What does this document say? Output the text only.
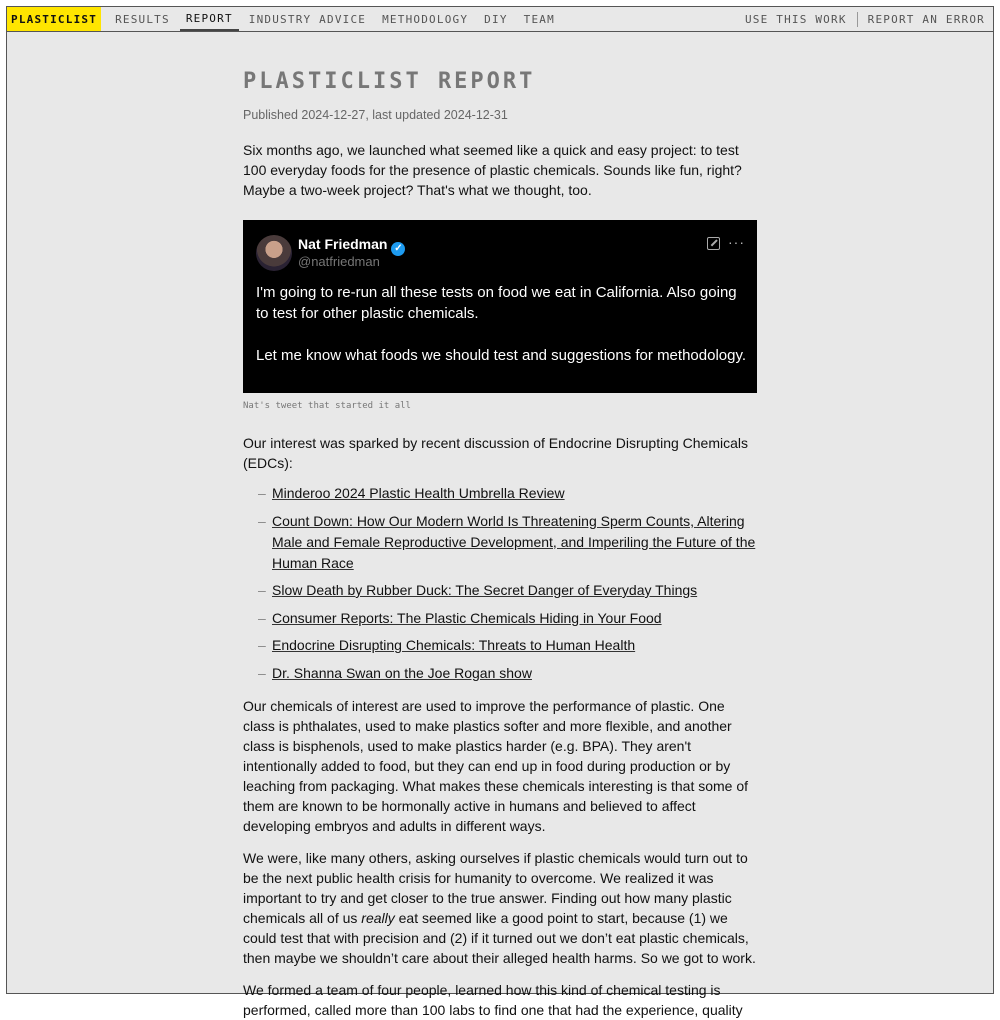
PLASTICLIST	RESULTS	REPORT	INDUSTRY ADVICE	METHODOLOGY	DIY	TEAM	USE THIS WORK	REPORT AN ERROR
PLASTICLIST REPORT
Published 2024-12-27, last updated 2024-12-31

Six months ago, we launched what seemed like a quick and easy project: to test 100 everyday foods for the presence of plastic chemicals. Sounds like fun, right? Maybe a two-week project? That's what we thought, too.

Nat Friedman ✓
@natfriedman
···
I'm going to re-run all these tests on food we eat in California. Also going to test for other plastic chemicals.
Let me know what foods we should test and suggestions for methodology.
Nat's tweet that started it all

Our interest was sparked by recent discussion of Endocrine Disrupting Chemicals (EDCs):

– Minderoo 2024 Plastic Health Umbrella Review
– Count Down: How Our Modern World Is Threatening Sperm Counts, Altering Male and Female Reproductive Development, and Imperiling the Future of the Human Race
– Slow Death by Rubber Duck: The Secret Danger of Everyday Things
– Consumer Reports: The Plastic Chemicals Hiding in Your Food
– Endocrine Disrupting Chemicals: Threats to Human Health
– Dr. Shanna Swan on the Joe Rogan show

Our chemicals of interest are used to improve the performance of plastic. One class is phthalates, used to make plastics softer and more flexible, and another class is bisphenols, used to make plastics harder (e.g. BPA). They aren't intentionally added to food, but they can end up in food during production or by leaching from packaging. What makes these chemicals interesting is that some of them are known to be hormonally active in humans and believed to affect developing embryos and adults in different ways.

We were, like many others, asking ourselves if plastic chemicals would turn out to be the next public health crisis for humanity to overcome. We realized it was important to try and get closer to the true answer. Finding out how many plastic chemicals all of us really eat seemed like a good point to start, because (1) we could test that with precision and (2) if it turned out we don’t eat plastic chemicals, then maybe we shouldn’t care about their alleged health harms. So we got to work.

We formed a team of four people, learned how this kind of chemical testing is performed, called more than 100 labs to find one that had the experience, quality
